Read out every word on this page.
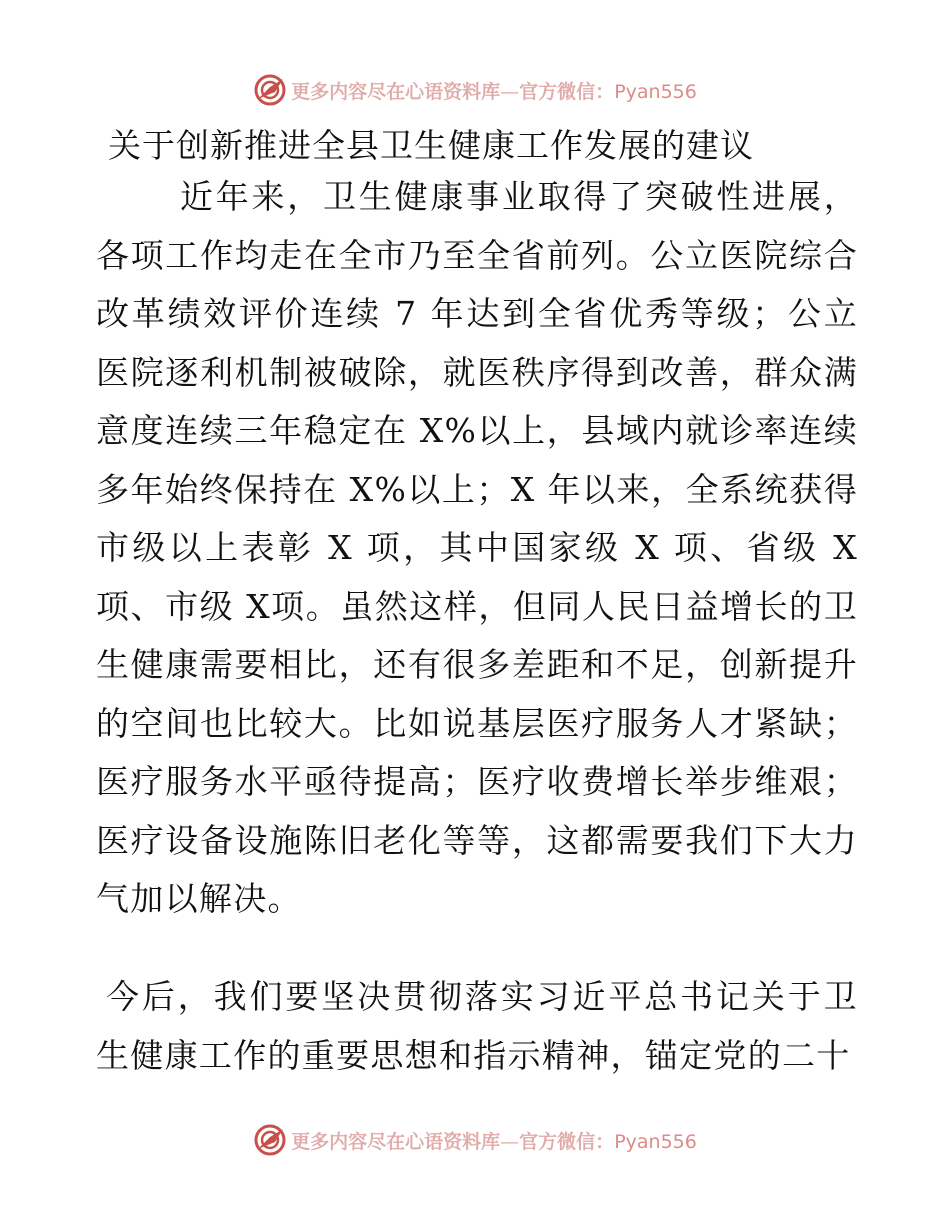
更多内容尽在心语资料库—官方微信：Pyan556
关于创新推进全县卫生健康工作发展的建议

近年来，卫生健康事业取得了突破性进展，各项工作均走在全市乃至全省前列。公立医院综合改革绩效评价连续 7 年达到全省优秀等级；公立医院逐利机制被破除，就医秩序得到改善，群众满意度连续三年稳定在 X%以上，县域内就诊率连续多年始终保持在 X%以上；X 年以来，全系统获得市级以上表彰 X 项，其中国家级 X 项、省级 X 项、市级 X项。虽然这样，但同人民日益增长的卫生健康需要相比，还有很多差距和不足，创新提升的空间也比较大。比如说基层医疗服务人才紧缺；医疗服务水平亟待提高；医疗收费增长举步维艰；医疗设备设施陈旧老化等等，这都需要我们下大力气加以解决。

今后，我们要坚决贯彻落实习近平总书记关于卫生健康工作的重要思想和指示精神，锚定党的二十

更多内容尽在心语资料库—官方微信：Pyan556
